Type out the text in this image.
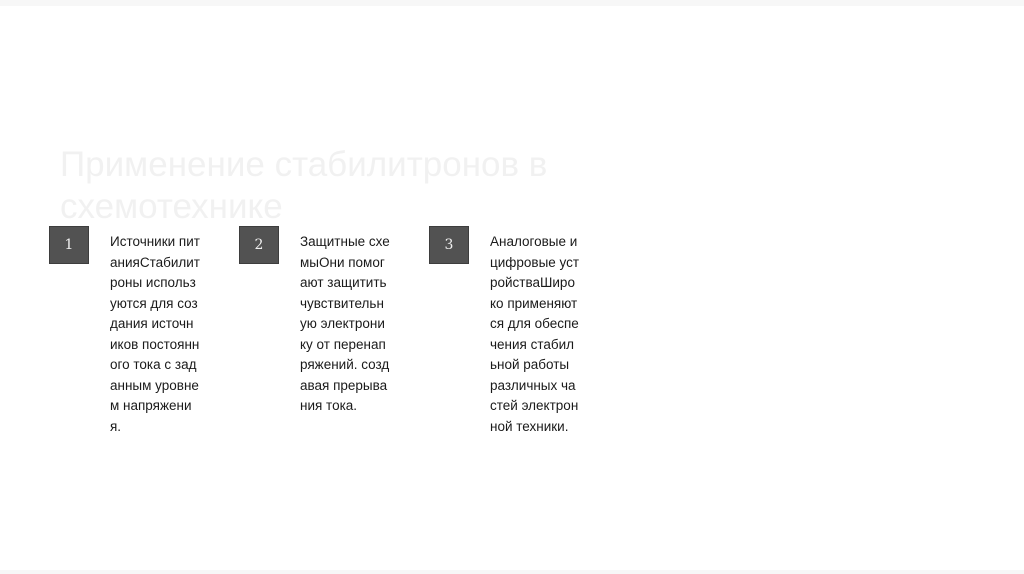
Применение стабилитронов в схемотехнике
1	Источники питанияСтабилитроны используются для создания источников постоянного тока с заданным уровнем напряжения.

2	Защитные схемыОни помогают защитить чувствительную электронику от перенапряжений. создавая прерывания тока.

3	Аналоговые и цифровые устройстваШироко применяются для обеспечения стабильной работы различных частей электронной техники.
